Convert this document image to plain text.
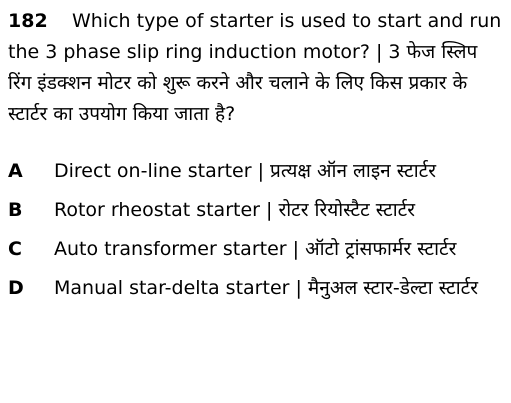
182 Which type of starter is used to start and run the 3 phase slip ring induction motor? | 3 फेज स्लिप रिंग इंडक्शन मोटर को शुरू करने और चलाने के लिए किस प्रकार के स्टार्टर का उपयोग किया जाता है?
A Direct on-line starter | प्रत्यक्ष ऑन लाइन स्टार्टर
B Rotor rheostat starter | रोटर रियोस्टैट स्टार्टर
C Auto transformer starter | ऑटो ट्रांसफार्मर स्टार्टर
D Manual star-delta starter | मैनुअल स्टार-डेल्टा स्टार्टर
